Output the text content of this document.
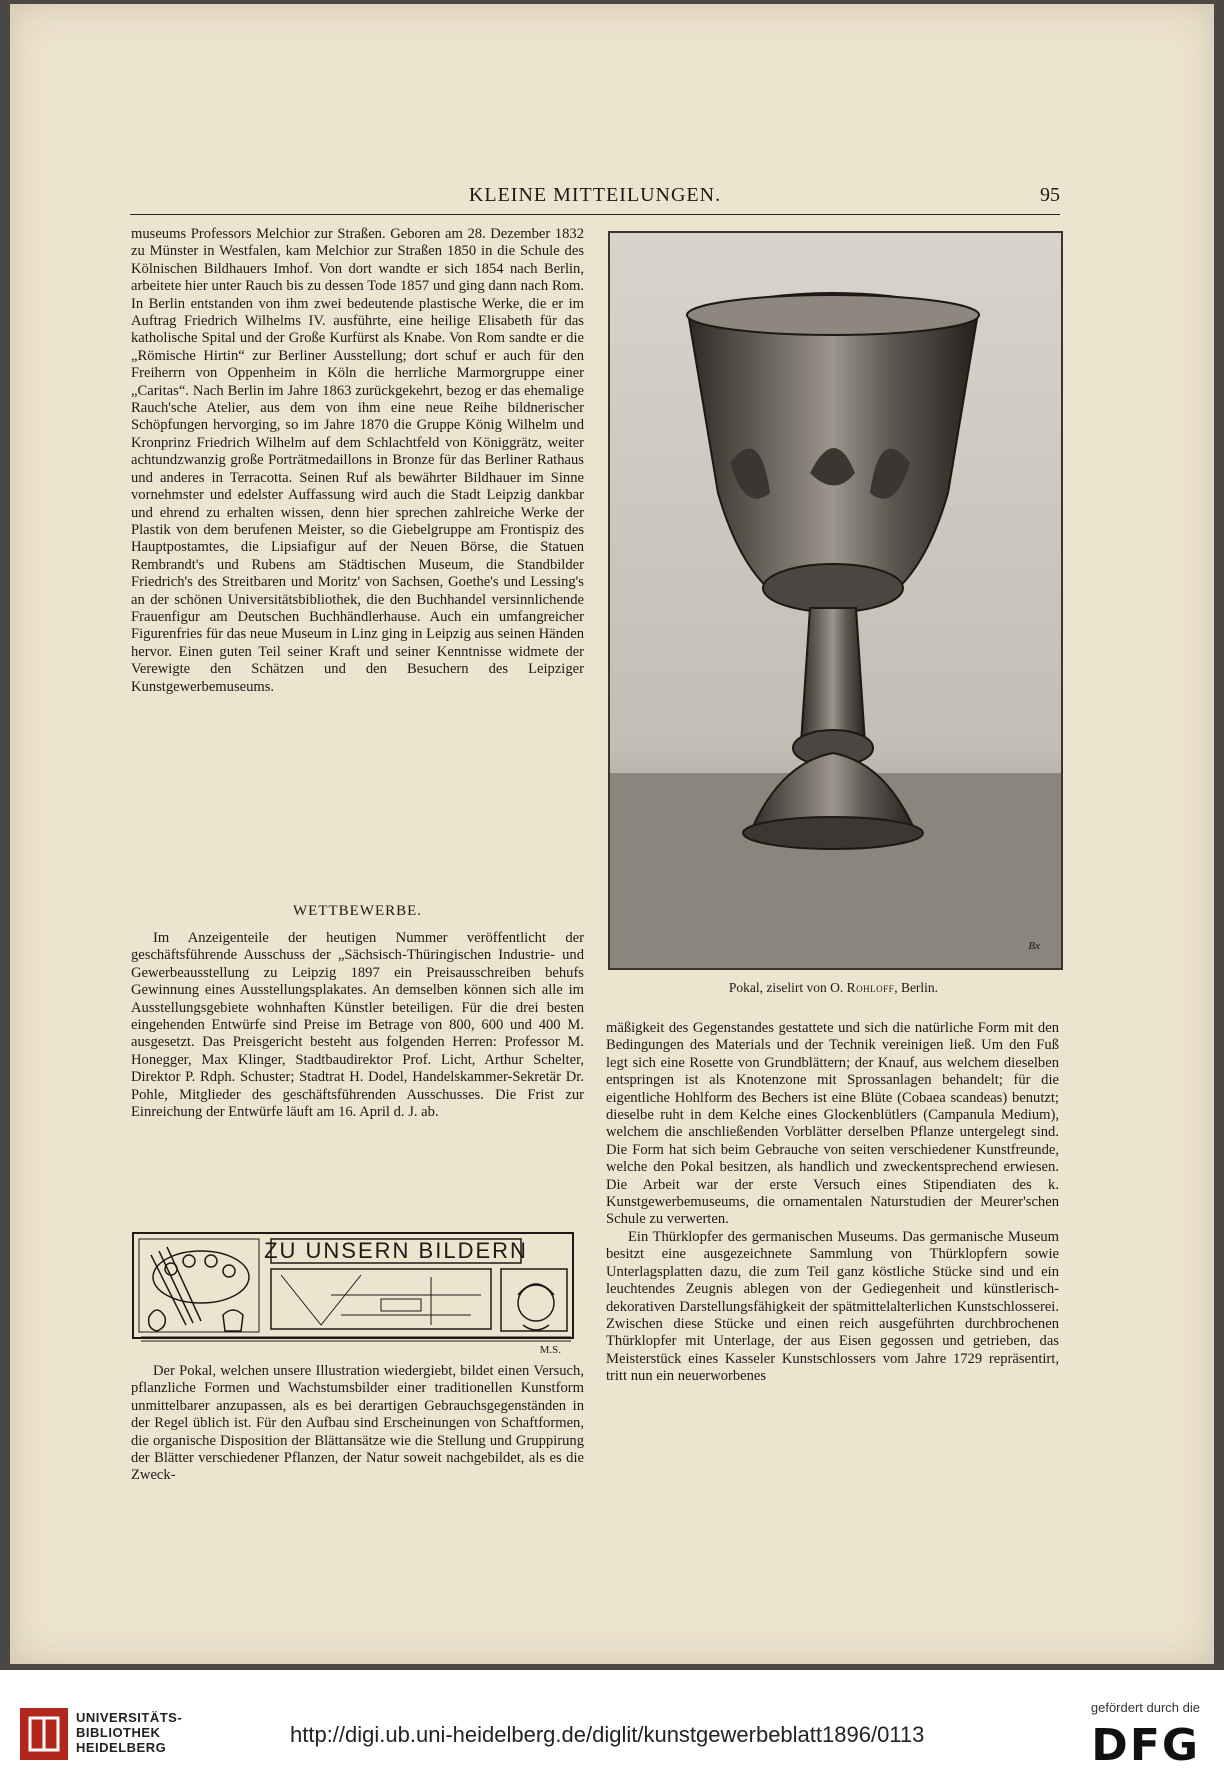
KLEINE MITTEILUNGEN.	95

museums Professors Melchior zur Straßen. Geboren am 28. Dezember 1832 zu Münster in Westfalen, kam Melchior zur Straßen 1850 in die Schule des Kölnischen Bildhauers Imhof. Von dort wandte er sich 1854 nach Berlin, arbeitete hier unter Rauch bis zu dessen Tode 1857 und ging dann nach Rom. In Berlin entstanden von ihm zwei bedeutende plastische Werke, die er im Auftrag Friedrich Wilhelms IV. ausführte, eine heilige Elisabeth für das katholische Spital und der Große Kurfürst als Knabe. Von Rom sandte er die „Römische Hirtin“ zur Berliner Ausstellung; dort schuf er auch für den Freiherrn von Oppenheim in Köln die herrliche Marmorgruppe einer „Caritas“. Nach Berlin im Jahre 1863 zurückgekehrt, bezog er das ehemalige Rauch'sche Atelier, aus dem von ihm eine neue Reihe bildnerischer Schöpfungen hervorging, so im Jahre 1870 die Gruppe König Wilhelm und Kronprinz Friedrich Wilhelm auf dem Schlachtfeld von Königgrätz, weiter achtundzwanzig große Porträtmedaillons in Bronze für das Berliner Rathaus und anderes in Terracotta. Seinen Ruf als bewährter Bildhauer im Sinne vornehmster und edelster Auffassung wird auch die Stadt Leipzig dankbar und ehrend zu erhalten wissen, denn hier sprechen zahlreiche Werke der Plastik von dem berufenen Meister, so die Giebelgruppe am Frontispiz des Hauptpostamtes, die Lipsiafigur auf der Neuen Börse, die Statuen Rembrandt's und Rubens am Städtischen Museum, die Standbilder Friedrich's des Streitbaren und Moritz' von Sachsen, Goethe's und Lessing's an der schönen Universitätsbibliothek, die den Buchhandel versinnlichende Frauenfigur am Deutschen Buchhändlerhause. Auch ein umfangreicher Figurenfries für das neue Museum in Linz ging in Leipzig aus seinen Händen hervor. Einen guten Teil seiner Kraft und seiner Kenntnisse widmete der Verewigte den Schätzen und den Besuchern des Leipziger Kunstgewerbemuseums.

WETTBEWERBE.

Im Anzeigenteile der heutigen Nummer veröffentlicht der geschäftsführende Ausschuss der „Sächsisch-Thüringischen Industrie- und Gewerbeausstellung zu Leipzig 1897 ein Preisausschreiben behufs Gewinnung eines Ausstellungsplakates. An demselben können sich alle im Ausstellungsgebiete wohnhaften Künstler beteiligen. Für die drei besten eingehenden Entwürfe sind Preise im Betrage von 800, 600 und 400 M. ausgesetzt. Das Preisgericht besteht aus folgenden Herren: Professor M. Honegger, Max Klinger, Stadtbaudirektor Prof. Licht, Arthur Schelter, Direktor P. Rdph. Schuster; Stadtrat H. Dodel, Handelskammer-Sekretär Dr. Pohle, Mitglieder des geschäftsführenden Ausschusses. Die Frist zur Einreichung der Entwürfe läuft am 16. April d. J. ab.

ZU UNSERN BILDERN
M.S.

Der Pokal, welchen unsere Illustration wiedergiebt, bildet einen Versuch, pflanzliche Formen und Wachstumsbilder einer traditionellen Kunstform unmittelbarer anzupassen, als es bei derartigen Gebrauchsgegenständen in der Regel üblich ist. Für den Aufbau sind Erscheinungen von Schaftformen, die organische Disposition der Blättansätze wie die Stellung und Gruppirung der Blätter verschiedener Pflanzen, der Natur soweit nachgebildet, als es die Zweck-

Bx
Pokal, ziselirt von O. Rohloff, Berlin.

mäßigkeit des Gegenstandes gestattete und sich die natürliche Form mit den Bedingungen des Materials und der Technik vereinigen ließ. Um den Fuß legt sich eine Rosette von Grundblättern; der Knauf, aus welchem dieselben entspringen ist als Knotenzone mit Sprossanlagen behandelt; für die eigentliche Hohlform des Bechers ist eine Blüte (Cobaea scandeas) benutzt; dieselbe ruht in dem Kelche eines Glockenblütlers (Campanula Medium), welchem die anschließenden Vorblätter derselben Pflanze untergelegt sind. Die Form hat sich beim Gebrauche von seiten verschiedener Kunstfreunde, welche den Pokal besitzen, als handlich und zweckentsprechend erwiesen. Die Arbeit war der erste Versuch eines Stipendiaten des k. Kunstgewerbemuseums, die ornamentalen Naturstudien der Meurer'schen Schule zu verwerten.

Ein Thürklopfer des germanischen Museums. Das germanische Museum besitzt eine ausgezeichnete Sammlung von Thürklopfern sowie Unterlagsplatten dazu, die zum Teil ganz köstliche Stücke sind und ein leuchtendes Zeugnis ablegen von der Gediegenheit und künstlerisch-dekorativen Darstellungsfähigkeit der spätmittelalterlichen Kunstschlosserei. Zwischen diese Stücke und einen reich ausgeführten durchbrochenen Thürklopfer mit Unterlage, der aus Eisen gegossen und getrieben, das Meisterstück eines Kasseler Kunstschlossers vom Jahre 1729 repräsentirt, tritt nun ein neuerworbenes

UNIVERSITÄTS-
BIBLIOTHEK
HEIDELBERG
http://digi.ub.uni-heidelberg.de/diglit/kunstgewerbeblatt1896/0113
gefördert durch die
DFG
